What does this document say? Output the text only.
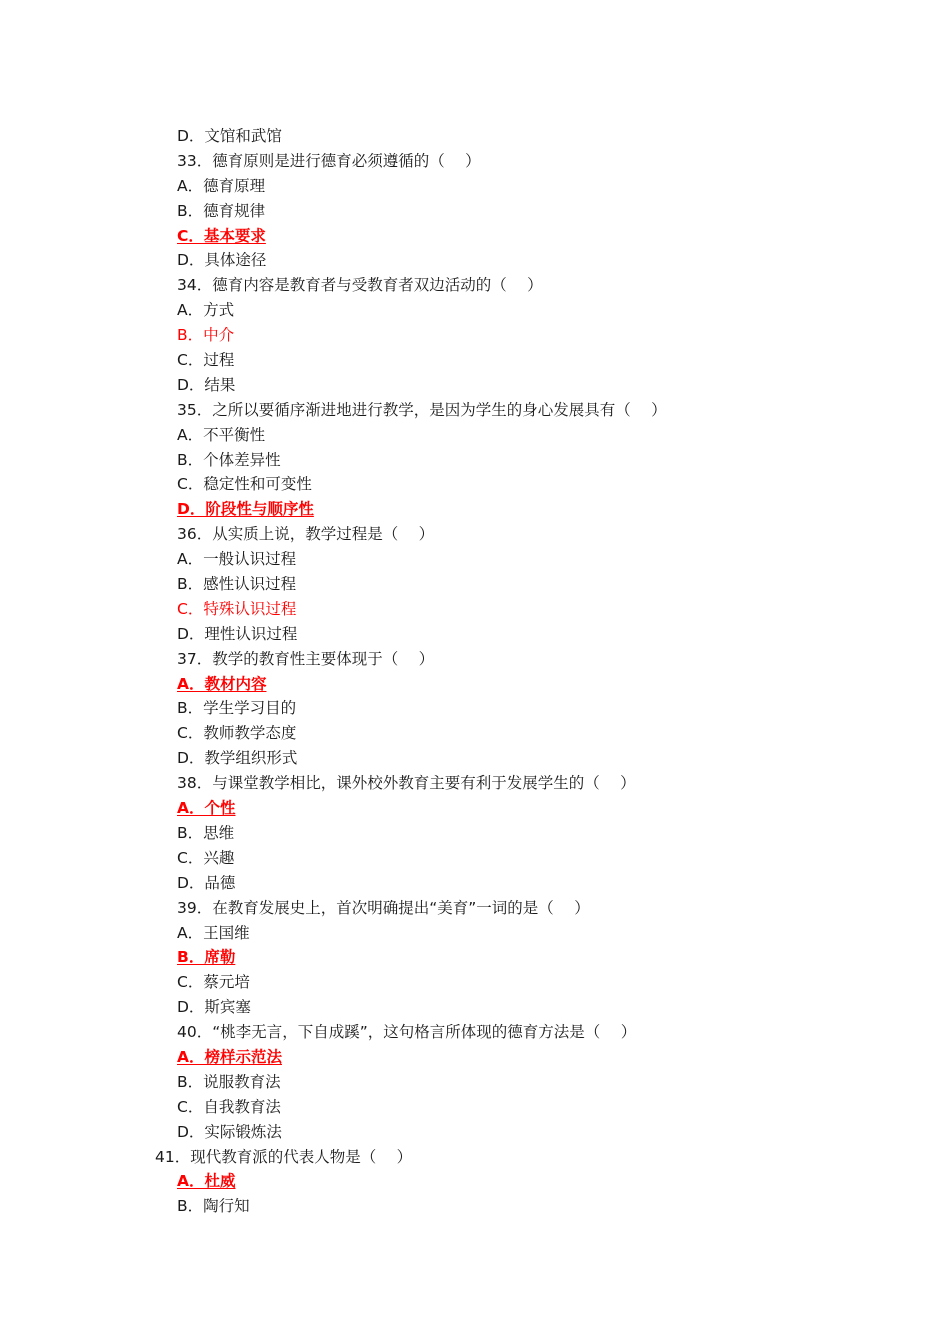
D．文馆和武馆
33．德育原则是进行德育必须遵循的（　 ）
A．德育原理
B．德育规律
C．基本要求
D．具体途径
34．德育内容是教育者与受教育者双边活动的（　 ）
A．方式
B．中介
C．过程
D．结果
35．之所以要循序渐进地进行教学，是因为学生的身心发展具有（　 ）
A．不平衡性
B．个体差异性
C．稳定性和可变性
D．阶段性与顺序性
36．从实质上说，教学过程是（　 ）
A．一般认识过程
B．感性认识过程
C．特殊认识过程
D．理性认识过程
37．教学的教育性主要体现于（　 ）
A．教材内容
B．学生学习目的
C．教师教学态度
D．教学组织形式
38．与课堂教学相比，课外校外教育主要有利于发展学生的（　 ）
A．个性
B．思维
C．兴趣
D．品德
39．在教育发展史上，首次明确提出“美育”一词的是（　 ）
A．王国维
B．席勒
C．蔡元培
D．斯宾塞
40．“桃李无言，下自成蹊”，这句格言所体现的德育方法是（　 ）
A．榜样示范法
B．说服教育法
C．自我教育法
D．实际锻炼法
41．现代教育派的代表人物是（　 ）
A．杜威
B．陶行知
